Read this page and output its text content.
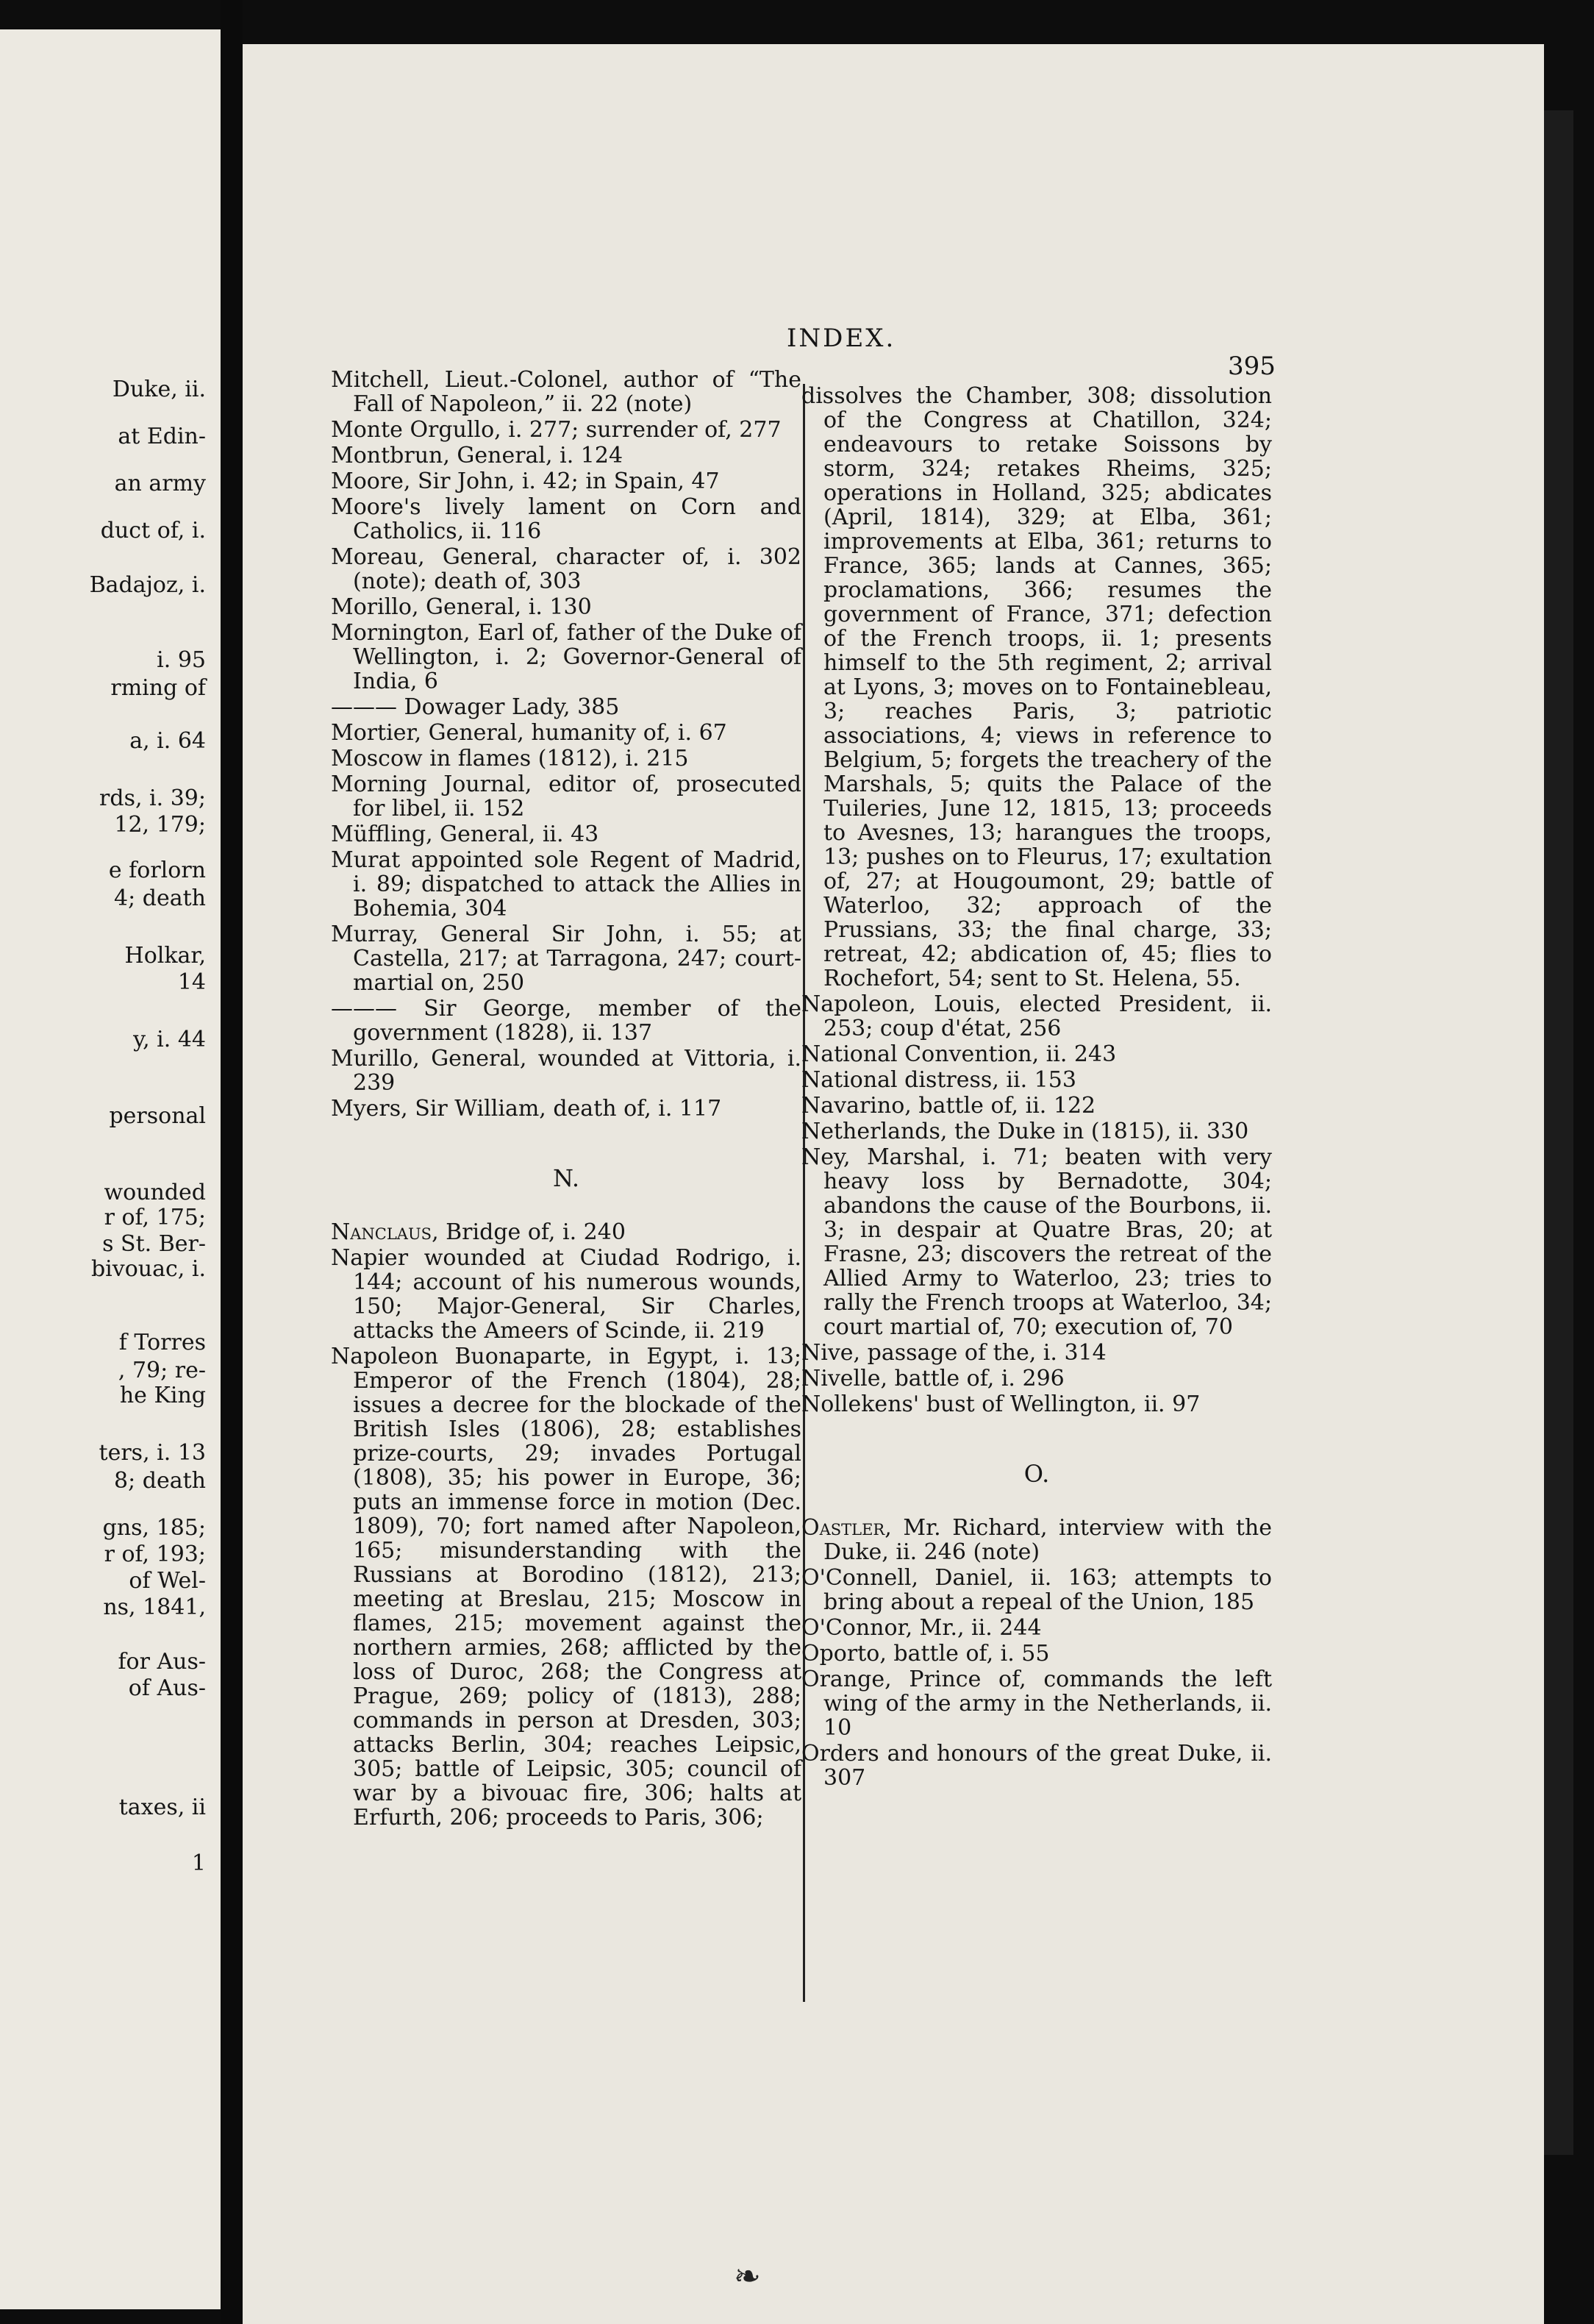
Duke, ii.
at Edin-
an army
duct of, i.
Badajoz, i.
i. 95
rming of
a, i. 64
rds, i. 39;
12, 179;
e forlorn
4; death
Holkar,
14
y, i. 44
personal
wounded
r of, 175;
s St. Ber-
bivouac, i.
f Torres
, 79; re-
he King
ters, i. 13
8; death
gns, 185;
r of, 193;
of Wel-
ns, 1841,
for Aus-
of Aus-
taxes, ii
1
INDEX.
395
Mitchell, Lieut.-Colonel, author of “The Fall of Napoleon,” ii. 22 (note)
Monte Orgullo, i. 277; surrender of, 277
Montbrun, General, i. 124
Moore, Sir John, i. 42; in Spain, 47
Moore's lively lament on Corn and Catholics, ii. 116
Moreau, General, character of, i. 302 (note); death of, 303
Morillo, General, i. 130
Mornington, Earl of, father of the Duke of Wellington, i. 2; Governor-General of India, 6
——— Dowager Lady, 385
Mortier, General, humanity of, i. 67
Moscow in flames (1812), i. 215
Morning Journal, editor of, prosecuted for libel, ii. 152
Müffling, General, ii. 43
Murat appointed sole Regent of Madrid, i. 89; dispatched to attack the Allies in Bohemia, 304
Murray, General Sir John, i. 55; at Castella, 217; at Tarragona, 247; court-martial on, 250
——— Sir George, member of the government (1828), ii. 137
Murillo, General, wounded at Vittoria, i. 239
Myers, Sir William, death of, i. 117
N.
Nanclaus, Bridge of, i. 240
Napier wounded at Ciudad Rodrigo, i. 144; account of his numerous wounds, 150; Major-General, Sir Charles, attacks the Ameers of Scinde, ii. 219
Napoleon Buonaparte, in Egypt, i. 13; Emperor of the French (1804), 28; issues a decree for the blockade of the British Isles (1806), 28; establishes prize-courts, 29; invades Portugal (1808), 35; his power in Europe, 36; puts an immense force in motion (Dec. 1809), 70; fort named after Napoleon, 165; misunderstanding with the Russians at Borodino (1812), 213; meeting at Breslau, 215; Moscow in flames, 215; movement against the northern armies, 268; afflicted by the loss of Duroc, 268; the Congress at Prague, 269; policy of (1813), 288; commands in person at Dresden, 303; attacks Berlin, 304; reaches Leipsic, 305; battle of Leipsic, 305; council of war by a bivouac fire, 306; halts at Erfurth, 206; proceeds to Paris, 306;
dissolves the Chamber, 308; dissolution of the Congress at Chatillon, 324; endeavours to retake Soissons by storm, 324; retakes Rheims, 325; operations in Holland, 325; abdicates (April, 1814), 329; at Elba, 361; improvements at Elba, 361; returns to France, 365; lands at Cannes, 365; proclamations, 366; resumes the government of France, 371; defection of the French troops, ii. 1; presents himself to the 5th regiment, 2; arrival at Lyons, 3; moves on to Fontainebleau, 3; reaches Paris, 3; patriotic associations, 4; views in reference to Belgium, 5; forgets the treachery of the Marshals, 5; quits the Palace of the Tuileries, June 12, 1815, 13; proceeds to Avesnes, 13; harangues the troops, 13; pushes on to Fleurus, 17; exultation of, 27; at Hougoumont, 29; battle of Waterloo, 32; approach of the Prussians, 33; the final charge, 33; retreat, 42; abdication of, 45; flies to Rochefort, 54; sent to St. Helena, 55.
Napoleon, Louis, elected President, ii. 253; coup d'état, 256
National Convention, ii. 243
National distress, ii. 153
Navarino, battle of, ii. 122
Netherlands, the Duke in (1815), ii. 330
Ney, Marshal, i. 71; beaten with very heavy loss by Bernadotte, 304; abandons the cause of the Bourbons, ii. 3; in despair at Quatre Bras, 20; at Frasne, 23; discovers the retreat of the Allied Army to Waterloo, 23; tries to rally the French troops at Waterloo, 34; court martial of, 70; execution of, 70
Nive, passage of the, i. 314
Nivelle, battle of, i. 296
Nollekens' bust of Wellington, ii. 97
O.
Oastler, Mr. Richard, interview with the Duke, ii. 246 (note)
O'Connell, Daniel, ii. 163; attempts to bring about a repeal of the Union, 185
O'Connor, Mr., ii. 244
Oporto, battle of, i. 55
Orange, Prince of, commands the left wing of the army in the Netherlands, ii. 10
Orders and honours of the great Duke, ii. 307
❧
